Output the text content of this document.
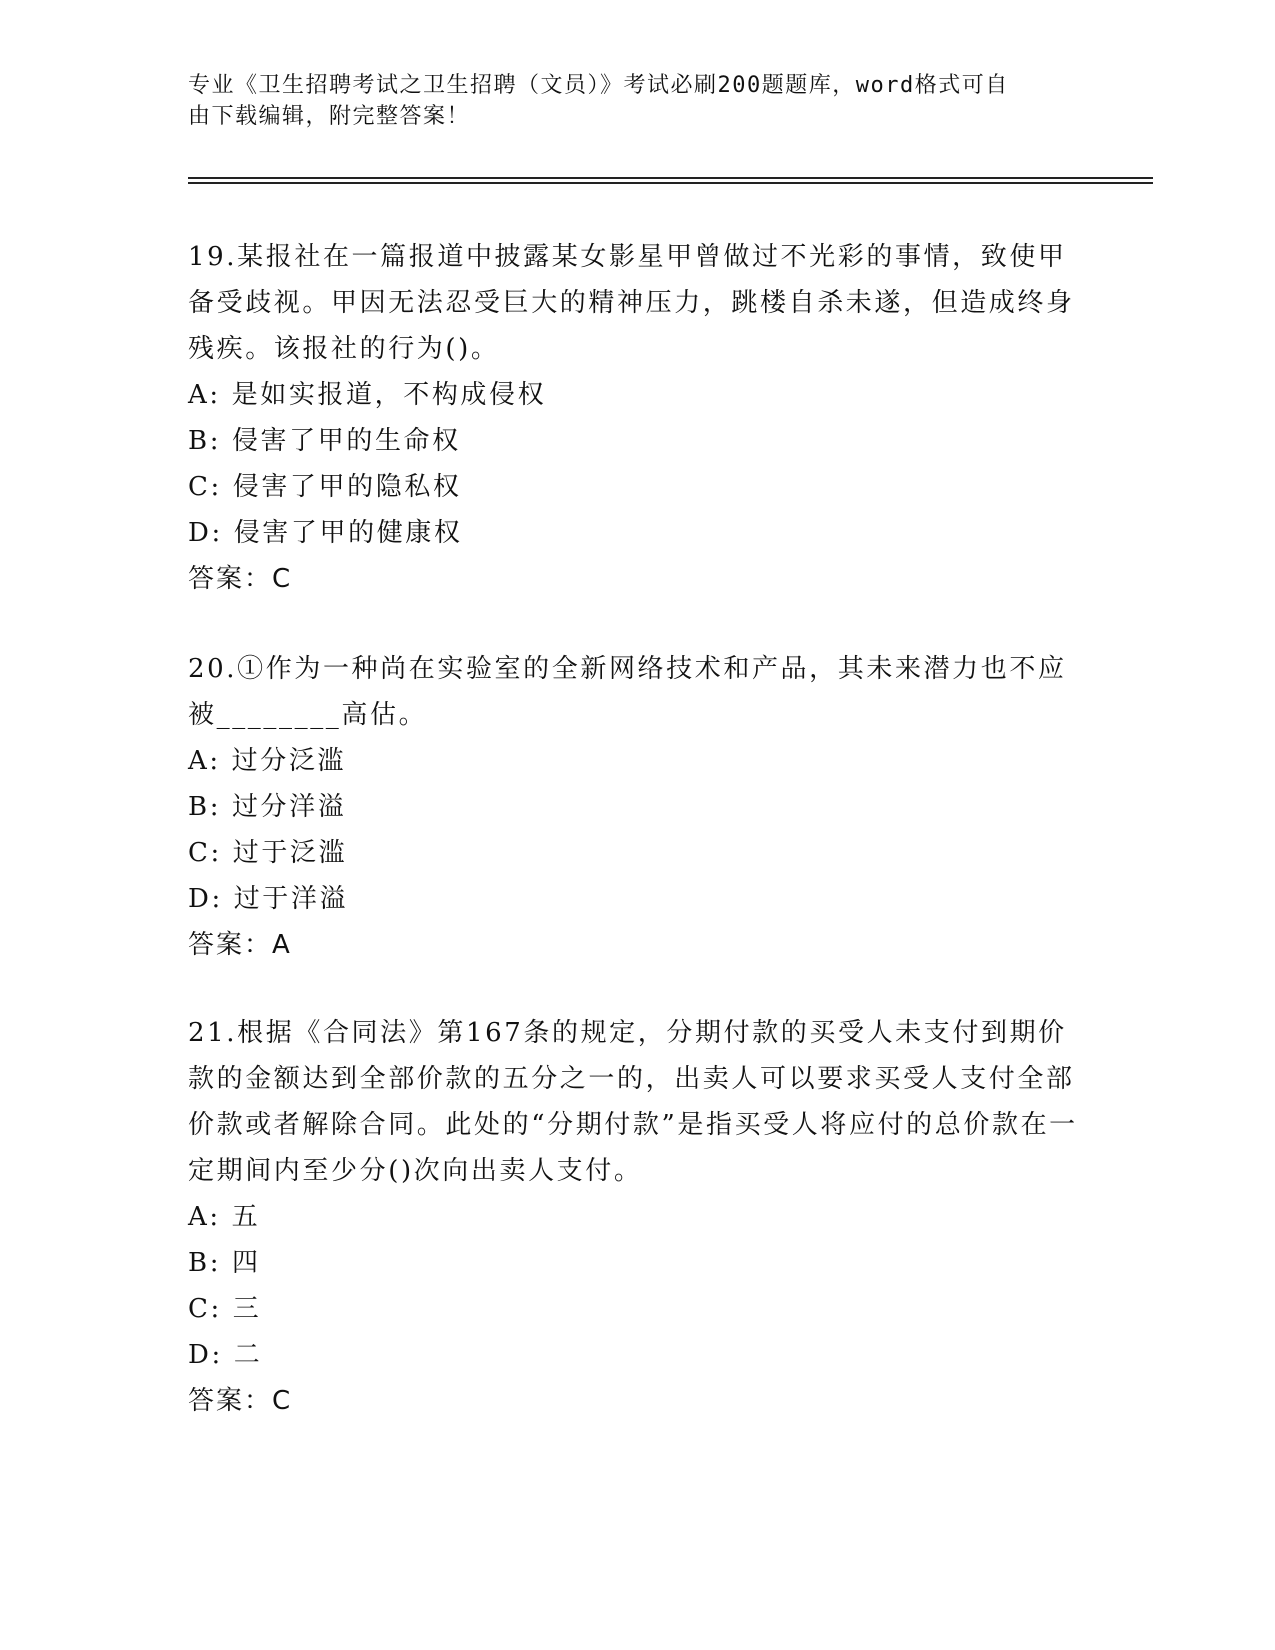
专业《卫生招聘考试之卫生招聘（文员）》考试必刷200题题库，word格式可自
由下载编辑，附完整答案！

19.某报社在一篇报道中披露某女影星甲曾做过不光彩的事情，致使甲备受歧视。甲因无法忍受巨大的精神压力，跳楼自杀未遂，但造成终身残疾。该报社的行为()。

A: 是如实报道，不构成侵权

B: 侵害了甲的生命权

C: 侵害了甲的隐私权

D: 侵害了甲的健康权

答案：C

20.①作为一种尚在实验室的全新网络技术和产品，其未来潜力也不应被________高估。

A: 过分泛滥

B: 过分洋溢

C: 过于泛滥

D: 过于洋溢

答案：A

21.根据《合同法》第167条的规定，分期付款的买受人未支付到期价款的金额达到全部价款的五分之一的，出卖人可以要求买受人支付全部价款或者解除合同。此处的“分期付款”是指买受人将应付的总价款在一定期间内至少分()次向出卖人支付。

A: 五

B: 四

C: 三

D: 二

答案：C
